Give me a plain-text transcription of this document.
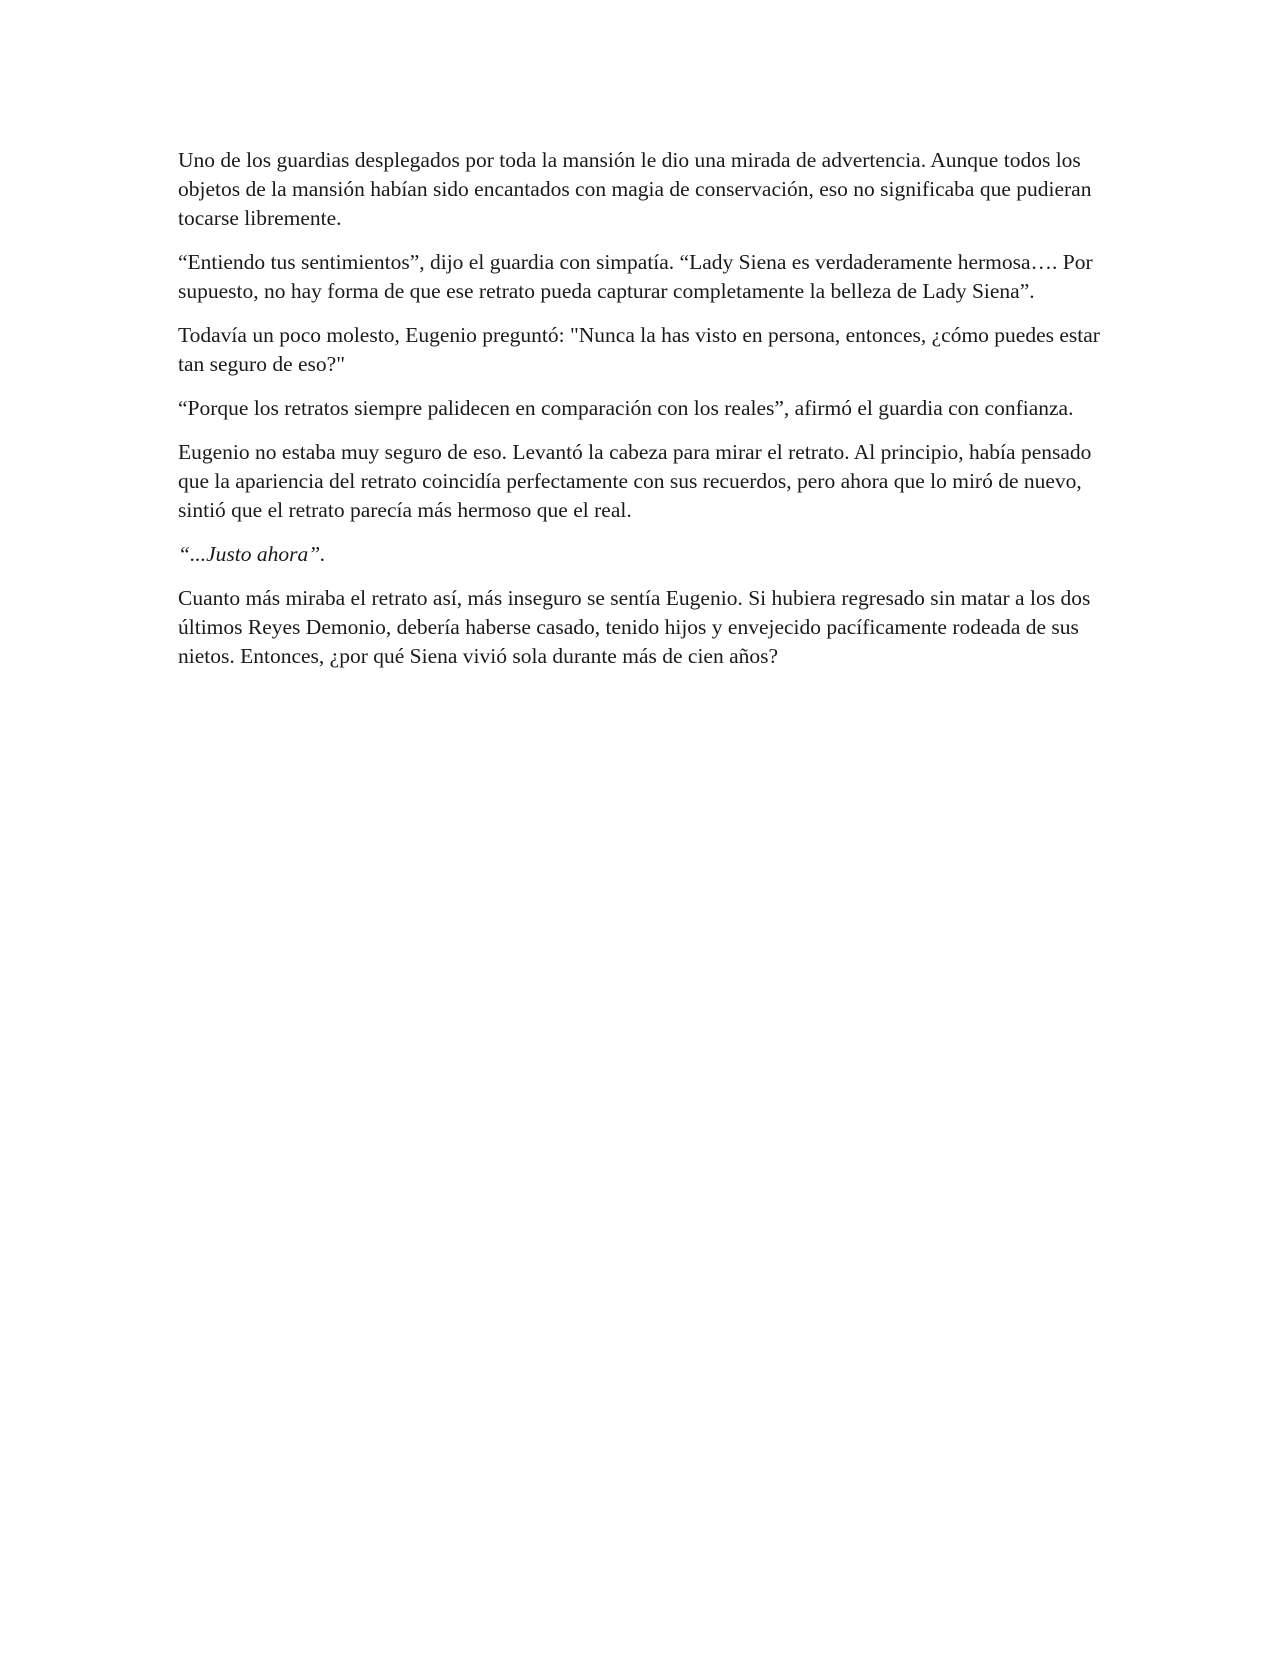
Uno de los guardias desplegados por toda la mansión le dio una mirada de advertencia. Aunque todos los objetos de la mansión habían sido encantados con magia de conservación, eso no significaba que pudieran tocarse libremente.

“Entiendo tus sentimientos”, dijo el guardia con simpatía. “Lady Siena es verdaderamente hermosa…. Por supuesto, no hay forma de que ese retrato pueda capturar completamente la belleza de Lady Siena”.

Todavía un poco molesto, Eugenio preguntó: "Nunca la has visto en persona, entonces, ¿cómo puedes estar tan seguro de eso?"

“Porque los retratos siempre palidecen en comparación con los reales”, afirmó el guardia con confianza.

Eugenio no estaba muy seguro de eso. Levantó la cabeza para mirar el retrato. Al principio, había pensado que la apariencia del retrato coincidía perfectamente con sus recuerdos, pero ahora que lo miró de nuevo, sintió que el retrato parecía más hermoso que el real.

“...Justo ahora”.

Cuanto más miraba el retrato así, más inseguro se sentía Eugenio. Si hubiera regresado sin matar a los dos últimos Reyes Demonio, debería haberse casado, tenido hijos y envejecido pacíficamente rodeada de sus nietos. Entonces, ¿por qué Siena vivió sola durante más de cien años?
